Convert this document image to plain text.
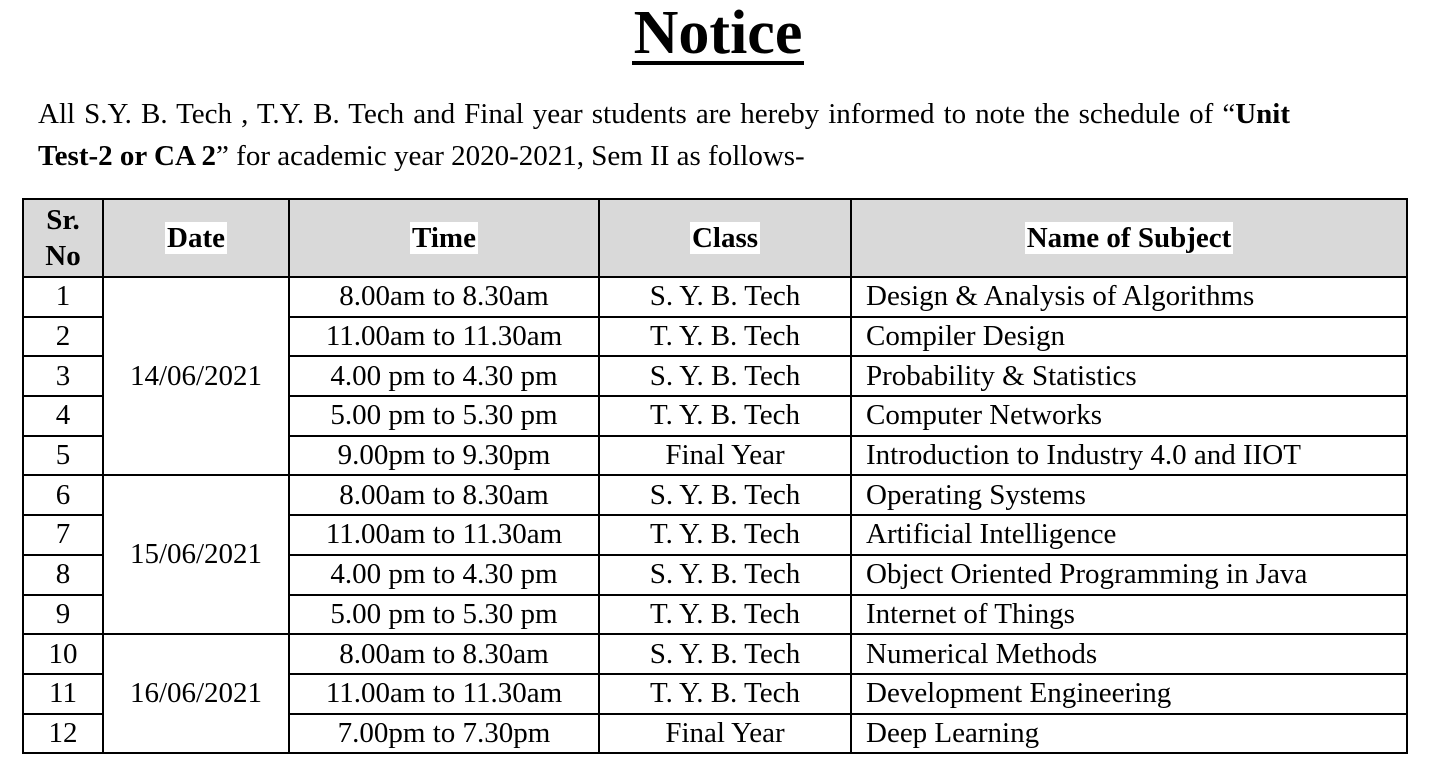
Notice
All S.Y. B. Tech , T.Y. B. Tech and Final year students are hereby informed to note the schedule of “Unit Test-2 or CA 2” for academic year 2020-2021, Sem II as follows-
Sr.
No	Date	Time	Class	Name of Subject
1	14/06/2021	8.00am to 8.30am	S. Y. B. Tech	Design & Analysis of Algorithms
2		11.00am to 11.30am	T. Y. B. Tech	Compiler Design
3		4.00 pm to 4.30 pm	S. Y. B. Tech	Probability & Statistics
4		5.00 pm to 5.30 pm	T. Y. B. Tech	Computer Networks
5		9.00pm to 9.30pm	Final Year	Introduction to Industry 4.0 and IIOT
6	15/06/2021	8.00am to 8.30am	S. Y. B. Tech	Operating Systems
7		11.00am to 11.30am	T. Y. B. Tech	Artificial Intelligence
8		4.00 pm to 4.30 pm	S. Y. B. Tech	Object Oriented Programming in Java
9		5.00 pm to 5.30 pm	T. Y. B. Tech	Internet of Things
10	16/06/2021	8.00am to 8.30am	S. Y. B. Tech	Numerical Methods
11		11.00am to 11.30am	T. Y. B. Tech	Development Engineering
12		7.00pm to 7.30pm	Final Year	Deep Learning
